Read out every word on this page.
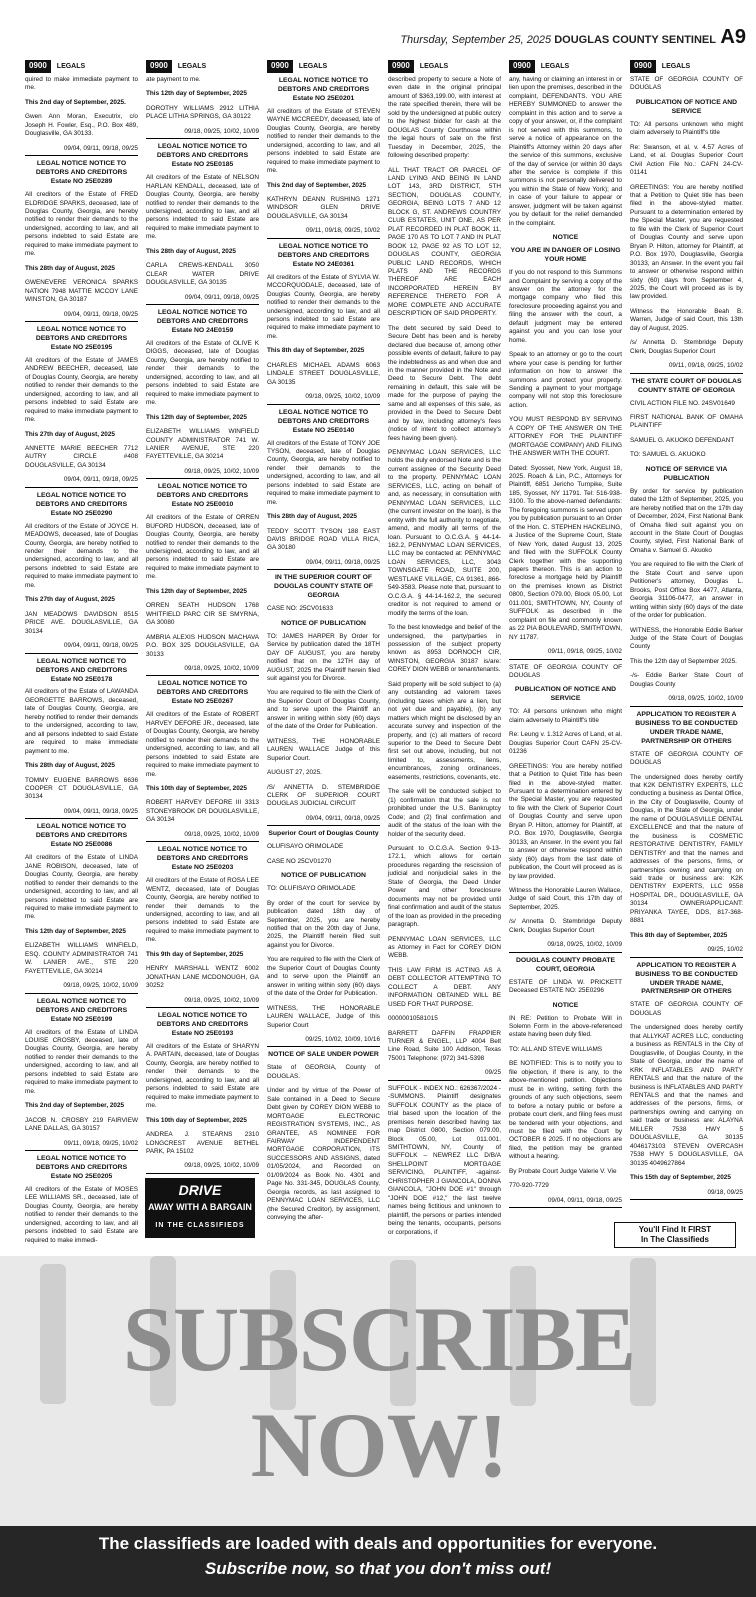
Thursday, September 25, 2025 DOUGLAS COUNTY SENTINEL A9
0900	LEGALS

quired to make immediate payment to me.

This 2nd day of September, 2025.

Gwen Ann Moran, Executrix, c/o Joseph H. Fowler, Esq., P.O. Box 489, Douglasville, GA 30133.

09/04, 09/11, 09/18, 09/25
LEGAL NOTICE NOTICE TO DEBTORS AND CREDITORS Estate NO 25E0289

All creditors of the Estate of FRED ELDRIDGE SPARKS, deceased, late of Douglas County, Georgia, are hereby notified to render their demands to the undersigned, according to law, and all persons indebted to said Estate are required to make immediate payment to me.

This 28th day of August, 2025

GWENEVERE VERONICA SPARKS NATION 7948 MATTIE MCCOY LANE WINSTON, GA 30187

09/04, 09/11, 09/18, 09/25
LEGAL NOTICE NOTICE TO DEBTORS AND CREDITORS Estate NO 25E0195

All creditors of the Estate of JAMES ANDREW BEECHER, deceased, late of Douglas County, Georgia, are hereby notified to render their demands to the undersigned, according to law, and all persons indebted to said Estate are required to make immediate payment to me.

This 27th day of August, 2025

ANNETTE MARIE BEECHER 7712 AUTRY CIRCLE #408 DOUGLASVILLE, GA 30134

09/04, 09/11, 09/18, 09/25
LEGAL NOTICE NOTICE TO DEBTORS AND CREDITORS Estate NO 25E0290

All creditors of the Estate of JOYCE H. MEADOWS, deceased, late of Douglas County, Georgia, are hereby notified to render their demands to the undersigned, according to law, and all persons indebted to said Estate are required to make immediate payment to me.

This 27th day of August, 2025

JAN MEADOWS DAVIDSON 8515 PRICE AVE. DOUGLASVILLE, GA 30134

09/04, 09/11, 09/18, 09/25
LEGAL NOTICE NOTICE TO DEBTORS AND CREDITORS Estate NO 25E0178

All creditors of the Estate of LAWANDA GEORGETTE BARROWS, deceased, late of Douglas County, Georgia, are hereby notified to render their demands to the undersigned, according to law, and all persons indebted to said Estate are required to make immediate payment to me.

This 28th day of August, 2025

TOMMY EUGENE BARROWS 6636 COOPER CT DOUGLASVILLE, GA 30134

09/04, 09/11, 09/18, 09/25
LEGAL NOTICE NOTICE TO DEBTORS AND CREDITORS Estate NO 25E0086

All creditors of the Estate of LINDA JANE ROBISON, deceased, late of Douglas County, Georgia, are hereby notified to render their demands to the undersigned, according to law, and all persons indebted to said Estate are required to make immediate payment to me.

This 12th day of September, 2025

ELIZABETH WILLIAMS WINFIELD, ESQ. COUNTY ADMINISTRATOR 741 W. LANIER AVE., STE 220 FAYETTEVILLE, GA 30214

09/18, 09/25, 10/02, 10/09
LEGAL NOTICE NOTICE TO DEBTORS AND CREDITORS Estate NO 25E0199

All creditors of the Estate of LINDA LOUISE CROSBY, deceased, late of Douglas County, Georgia, are hereby notified to render their demands to the undersigned, according to law, and all persons indebted to said Estate are required to make immediate payment to me.

This 2nd day of September, 2025

JACOB N. CROSBY 219 FAIRVIEW LANE DALLAS, GA 30157

09/11, 09/18, 09/25, 10/02
LEGAL NOTICE NOTICE TO DEBTORS AND CREDITORS Estate NO 25E0205

All creditors of the Estate of MOSES LEE WILLIAMS SR., deceased, late of Douglas County, Georgia, are hereby notified to render their demands to the undersigned, according to law, and all persons indebted to said Estate are required to make immedi-

0900	LEGALS

ate payment to me.

This 12th day of September, 2025

DOROTHY WILLIAMS 2912 LITHIA PLACE LITHIA SPRINGS, GA 30122

09/18, 09/25, 10/02, 10/09
LEGAL NOTICE NOTICE TO DEBTORS AND CREDITORS Estate NO 25E0185

All creditors of the Estate of NELSON HARLAN KENDALL, deceased, late of Douglas County, Georgia, are hereby notified to render their demands to the undersigned, according to law, and all persons indebted to said Estate are required to make immediate payment to me.

This 28th day of August, 2025

CARLA CREWS-KENDALL 3050 CLEAR WATER DRIVE DOUGLASVILLE, GA 30135

09/04, 09/11, 09/18, 09/25
LEGAL NOTICE NOTICE TO DEBTORS AND CREDITORS Estate NO 24E0159

All creditors of the Estate of OLIVE K DIGGS, deceased, late of Douglas County, Georgia, are hereby notified to render their demands to the undersigned, according to law, and all persons indebted to said Estate are required to make immediate payment to me.

This 12th day of September, 2025

ELIZABETH WILLIAMS WINFIELD COUNTY ADMINISTRATOR 741 W. LANIER AVENUE, STE 220 FAYETTEVILLE, GA 30214

09/18, 09/25, 10/02, 10/09
LEGAL NOTICE NOTICE TO DEBTORS AND CREDITORS Estate NO 25E0010

All creditors of the Estate of ORREN BUFORD HUDSON, deceased, late of Douglas County, Georgia, are hereby notified to render their demands to the undersigned, according to law, and all persons indebted to said Estate are required to make immediate payment to me.

This 12th day of September, 2025

ORREN SEATH HUDSON 1768 WHITFIELD PARC CIR SE SMYRNA, GA 30080

AMBRIA ALEXIS HUDSON MACHAVA P.O. BOX 325 DOUGLASVILLE, GA 30133

09/18, 09/25, 10/02, 10/09
LEGAL NOTICE NOTICE TO DEBTORS AND CREDITORS Estate NO 25E0267

All creditors of the Estate of ROBERT HARVEY DEFORE JR., deceased, late of Douglas County, Georgia, are hereby notified to render their demands to the undersigned, according to law, and all persons indebted to said Estate are required to make immediate payment to me.

This 10th day of September, 2025

ROBERT HARVEY DEFORE III 3313 STONEYBROOK DR DOUGLASVILLE, GA 30134

09/18, 09/25, 10/02, 10/09
LEGAL NOTICE NOTICE TO DEBTORS AND CREDITORS Estate NO 25E0203

All creditors of the Estate of ROSA LEE WENTZ, deceased, late of Douglas County, Georgia, are hereby notified to render their demands to the undersigned, according to law, and all persons indebted to said Estate are required to make immediate payment to me.

This 9th day of September, 2025

HENRY MARSHALL WENTZ 6002 JONATHAN LANE MCDONOUGH, GA 30252

09/18, 09/25, 10/02, 10/09
LEGAL NOTICE NOTICE TO DEBTORS AND CREDITORS Estate NO 25E0193

All creditors of the Estate of SHARYN A. PARTAIN, deceased, late of Douglas County, Georgia, are hereby notified to render their demands to the undersigned, according to law, and all persons indebted to said Estate are required to make immediate payment to me.

This 10th day of September, 2025

ANDREA J. STEARNS 2310 LONGCREST AVENUE BETHEL PARK, PA 15102

09/18, 09/25, 10/02, 10/09
0900	LEGALS
LEGAL NOTICE NOTICE TO DEBTORS AND CREDITORS Estate NO 25E0201

All creditors of the Estate of STEVEN WAYNE MCCREEDY, deceased, late of Douglas County, Georgia, are hereby notified to render their demands to the undersigned, according to law, and all persons indebted to said Estate are required to make immediate payment to me.

This 2nd day of September, 2025

KATHRYN DEANN RUSHING 1271 WINDSOR GLEN DRIVE DOUGLASVILLE, GA 30134

09/11, 09/18, 09/25, 10/02
LEGAL NOTICE NOTICE TO DEBTORS AND CREDITORS Estate NO 24E0361

All creditors of the Estate of SYLVIA W. MCCORQUODALE, deceased, late of Douglas County, Georgia, are hereby notified to render their demands to the undersigned, according to law, and all persons indebted to said Estate are required to make immediate payment to me.

This 8th day of September, 2025

CHARLES MICHAEL ADAMS 6063 LINDALE STREET DOUGLASVILLE, GA 30135

09/18, 09/25, 10/02, 10/09
LEGAL NOTICE NOTICE TO DEBTORS AND CREDITORS Estate NO 25E0140

All creditors of the Estate of TONY JOE TYSON, deceased, late of Douglas County, Georgia, are hereby notified to render their demands to the undersigned, according to law, and all persons indebted to said Estate are required to make immediate payment to me.

This 28th day of August, 2025

TEDDY SCOTT TYSON 188 EAST DAVIS BRIDGE ROAD VILLA RICA, GA 30180

09/04, 09/11, 09/18, 09/25
IN THE SUPERIOR COURT OF DOUGLAS COUNTY STATE OF GEORGIA

CASE NO: 25CV01633

NOTICE OF PUBLICATION

TO: JAMES HARPER By Order for Service by publication dated the 18TH DAY OF AUGUST, you are hereby notified that on the 12TH day of AUGUST, 2025 the Plaintiff herein filed suit against you for Divorce.

You are required to file with the Clerk of the Superior Court of Douglas County, and to serve upon the Plaintiff an answer in writing within sixty (60) days of the date of the Order for Publication.

WITNESS, THE HONORABLE LAUREN WALLACE Judge of this Superior Court.

AUGUST 27, 2025.

/S/ ANNETTA D. STEMBRIDGE CLERK OF SUPERIOR COURT DOUGLAS JUDICIAL CIRCUIT

09/04, 09/11, 09/18, 09/25
Superior Court of Douglas County

OLUFISAYO ORIMOLADE

CASE NO 25CV01270

NOTICE OF PUBLICATION

TO: OLUFISAYO ORIMOLADE

By order of the court for service by publication dated 18th day of September, 2025, you are hereby notified that on the 20th day of June, 2025, the Plaintiff herein filed suit against you for Divorce.

You are required to file with the Clerk of the Superior Court of Douglas County and to serve upon the Plaintiff an answer in writing within sixty (60) days of the date of the Order for Publication.

WITNESS, THE HONORABLE LAUREN WALLACE, Judge of this Superior Court

09/25, 10/02, 10/09, 10/16
NOTICE OF SALE UNDER POWER

State of GEORGIA, County of DOUGLAS.

Under and by virtue of the Power of Sale contained in a Deed to Secure Debt given by COREY DION WEBB to MORTGAGE ELECTRONIC REGISTRATION SYSTEMS, INC., AS GRANTEE, AS NOMINEE FOR FAIRWAY INDEPENDENT MORTGAGE CORPORATION, ITS SUCCESSORS AND ASSIGNS, dated 01/05/2024, and Recorded on 01/09/2024 as Book No. 4301 and Page No. 331-345, DOUGLAS County, Georgia records, as last assigned to PENNYMAC LOAN SERVICES, LLC (the Secured Creditor), by assignment, conveying the after-

0900	LEGALS

described property to secure a Note of even date in the original principal amount of $363,199.00, with interest at the rate specified therein, there will be sold by the undersigned at public outcry to the highest bidder for cash at the DOUGLAS County Courthouse within the legal hours of sale on the first Tuesday in December, 2025, the following described property:

ALL THAT TRACT OR PARCEL OF LAND LYING AND BEING IN LAND LOT 143, 3RD DISTRICT, 5TH SECTION, DOUGLAS COUNTY, GEORGIA, BEING LOTS 7 AND 12 BLOCK G, ST. ANDREWS COUNTRY CLUB ESTATES, UNIT ONE, AS PER PLAT RECORDED IN PLAT BOOK 11, PAGE 170 AS TO LOT 7 AND IN PLAT BOOK 12, PAGE 92 AS TO LOT 12, DOUGLAS COUNTY, GEORGIA PUBLIC LAND RECORDS, WHICH PLATS AND THE RECORDS THEREOF ARE EACH INCORPORATED HEREIN BY REFERENCE THERETO FOR A MORE COMPLETE AND ACCURATE DESCRIPTION OF SAID PROPERTY.

The debt secured by said Deed to Secure Debt has been and is hereby declared due because of, among other possible events of default, failure to pay the indebtedness as and when due and in the manner provided in the Note and Deed to Secure Debt. The debt remaining in default, this sale will be made for the purpose of paying the same and all expenses of this sale, as provided in the Deed to Secure Debt and by law, including attorney's fees (notice of intent to collect attorney's fees having been given).

PENNYMAC LOAN SERVICES, LLC holds the duly endorsed Note and is the current assignee of the Security Deed to the property. PENNYMAC LOAN SERVICES, LLC, acting on behalf of and, as necessary, in consultation with PENNYMAC LOAN SERVICES, LLC (the current investor on the loan), is the entity with the full authority to negotiate, amend, and modify all terms of the loan. Pursuant to O.C.G.A. § 44-14-162.2, PENNYMAC LOAN SERVICES, LLC may be contacted at: PENNYMAC LOAN SERVICES, LLC, 3043 TOWNSGATE ROAD, SUITE 200, WESTLAKE VILLAGE, CA 91361, 866-549-3583. Please note that, pursuant to O.C.G.A. § 44-14-162.2, the secured creditor is not required to amend or modify the terms of the loan.

To the best knowledge and belief of the undersigned, the party/parties in possession of the subject property known as 8953 DORNOCH CIR, WINSTON, GEORGIA 30187 is/are: COREY DION WEBB or tenant/tenants.

Said property will be sold subject to (a) any outstanding ad valorem taxes (including taxes which are a lien, but not yet due and payable), (b) any matters which might be disclosed by an accurate survey and inspection of the property, and (c) all matters of record superior to the Deed to Secure Debt first set out above, including, but not limited to, assessments, liens, encumbrances, zoning ordinances, easements, restrictions, covenants, etc.

The sale will be conducted subject to (1) confirmation that the sale is not prohibited under the U.S. Bankruptcy Code; and (2) final confirmation and audit of the status of the loan with the holder of the security deed.

Pursuant to O.C.G.A. Section 9-13-172.1, which allows for certain procedures regarding the rescission of judicial and nonjudicial sales in the State of Georgia, the Deed Under Power and other foreclosure documents may not be provided until final confirmation and audit of the status of the loan as provided in the preceding paragraph.

PENNYMAC LOAN SERVICES, LLC as Attorney in Fact for COREY DION WEBB.

THIS LAW FIRM IS ACTING AS A DEBT COLLECTOR ATTEMPTING TO COLLECT A DEBT. ANY INFORMATION OBTAINED WILL BE USED FOR THAT PURPOSE.

00000010581015

BARRETT DAFFIN FRAPPIER TURNER & ENGEL, LLP 4004 Belt Line Road, Suite 100 Addison, Texas 75001 Telephone: (972) 341-5398

09/25

SUFFOLK - INDEX NO.: 626367/2024 --SUMMONS. Plaintiff designates SUFFOLK COUNTY as the place of trial based upon the location of the premises herein described having tax map District 0800, Section 079.00, Block 05.00, Lot 011.001. SMITHTOWN, NY, County of SUFFOLK – NEWREZ LLC D/B/A SHELLPOINT MORTGAGE SERVICING, PLAINTIFF, -against- CHRISTOPHER J GIANCOLA, DONNA GIANCOLA, "JOHN DOE #1" through "JOHN DOE #12," the last twelve names being fictitious and unknown to plaintiff, the persons or parties intended being the tenants, occupants, persons or corporations, if

0900	LEGALS

any, having or claiming an interest in or lien upon the premises, described in the complaint, DEFENDANTS. YOU ARE HEREBY SUMMONED to answer the complaint in this action and to serve a copy of your answer, or, if the complaint is not served with this summons, to serve a notice of appearance on the Plaintiff's Attorney within 20 days after the service of this summons, exclusive of the day of service (or within 30 days after the service is complete if this summons is not personally delivered to you within the State of New York); and in case of your failure to appear or answer, judgment will be taken against you by default for the relief demanded in the complaint.

NOTICE
YOU ARE IN DANGER OF LOSING YOUR HOME

If you do not respond to this Summons and Complaint by serving a copy of the answer on the attorney for the mortgage company who filed this foreclosure proceeding against you and filing the answer with the court, a default judgment may be entered against you and you can lose your home.

Speak to an attorney or go to the court where your case is pending for further information on how to answer the summons and protect your property. Sending a payment to your mortgage company will not stop this foreclosure action.

YOU MUST RESPOND BY SERVING A COPY OF THE ANSWER ON THE ATTORNEY FOR THE PLAINTIFF (MORTGAGE COMPANY) AND FILING THE ANSWER WITH THE COURT.

Dated: Syosset, New York, August 18, 2025. Roach & Lin, P.C., Attorneys for Plaintiff, 6851 Jericho Turnpike, Suite 185, Syosset, NY 11791. Tel: 516-938-3100. To the above-named defendants: The foregoing summons is served upon you by publication pursuant to an Order of the Hon. C. STEPHEN HACKELING, a Justice of the Supreme Court, State of New York, dated August 13, 2025 and filed with the SUFFOLK County Clerk together with the supporting papers thereon. This is an action to foreclose a mortgage held by Plaintiff on the premises known as District 0800, Section 079.00, Block 05.00, Lot 011.001, SMITHTOWN, NY, County of SUFFOLK as described in the complaint on file and commonly known as 22 PIA BOULEVARD, SMITHTOWN, NY 11787.

09/11, 09/18, 09/25, 10/02

STATE OF GEORGIA COUNTY OF DOUGLAS

PUBLICATION OF NOTICE AND SERVICE

TO: All persons unknown who might claim adversely to Plaintiff's title

Re: Leung v. 1.312 Acres of Land, et al. Douglas Superior Court CAFN 25-CV-01236

GREETINGS: You are hereby notified that a Petition to Quiet Title has been filed in the above-styled matter. Pursuant to a determination entered by the Special Master, you are requested to file with the Clerk of Superior Court of Douglas County and serve upon Bryan P. Hilton, attorney for Plaintiff, at P.O. Box 1970, Douglasville, Georgia 30133, an Answer. In the event you fail to answer or otherwise respond within sixty (60) days from the last date of publication, the Court will proceed as is by law provided.

Witness the Honorable Lauren Wallace, Judge of said Court, this 17th day of September, 2025.

/s/ Annetta D. Stembridge Deputy Clerk, Douglas Superior Court

09/18, 09/25, 10/02, 10/09
DOUGLAS COUNTY PROBATE COURT, GEORGIA

ESTATE OF LINDA W. PRICKETT Deceased ESTATE NO: 25E0296

NOTICE

IN RE: Petition to Probate Will in Solemn Form in the above-referenced estate having been duly filed.

TO: ALL AND STEVE WILLIAMS

BE NOTIFIED: This is to notify you to file objection, if there is any, to the above-mentioned petition. Objections must be in writing, setting forth the grounds of any such objections, seem to before a notary public or before a probate court clerk, and filing fees must be tendered with your objections, and must be filed with the Court by OCTOBER 6 2025. If no objections are filed, the petition may be granted without a hearing.

By Probate Court Judge Valerie V. Vie

770-920-7729

09/04, 09/11, 09/18, 09/25
0900	LEGALS

STATE OF GEORGIA COUNTY OF DOUGLAS

PUBLICATION OF NOTICE AND SERVICE

TO: All persons unknown who might claim adversely to Plaintiff's title

Re: Swanson, et al. v. 4.57 Acres of Land, et al. Douglas Superior Court Civil Action File No.: CAFN 24-CV-01141

GREETINGS: You are hereby notified that a Petition to Quiet title has been filed in the above-styled matter. Pursuant to a determination entered by the Special Master, you are requested to file with the Clerk of Superior Court of Douglas County and serve upon Bryan P. Hilton, attorney for Plaintiff, at P.O. Box 1970, Douglasville, Georgia 30133, an Answer. In the event you fail to answer or otherwise respond within sixty (60) days from September 4, 2025, the Court will proceed as is by law provided.

Witness the Honorable Beah B. Warren, Judge of said Court, this 13th day of August, 2025.

/s/ Annetta D. Stembridge Deputy Clerk, Douglas Superior Court

09/11, 09/18, 09/25, 10/02
THE STATE COURT OF DOUGLAS COUNTY STATE OF GEORGIA

CIVIL ACTION FILE NO. 24SV01649

FIRST NATIONAL BANK OF OMAHA PLAINTIFF

SAMUEL G. AKUOKO DEFENDANT

TO: SAMUEL G. AKUOKO

NOTICE OF SERVICE VIA PUBLICATION

By order for service by publication dated the 12th of September, 2025, you are hereby notified that on the 17th day of December, 2024, First National Bank of Omaha filed suit against you on account in the State Court of Douglas County, styled, First National Bank of Omaha v. Samuel G. Akuoko

You are required to file with the Clerk of the State Court and serve upon Petitioner's attorney, Douglas L. Brooks, Post Office Box 4477, Atlanta, Georgia 31106-0477, an answer in writing within sixty (60) days of the date of the order for publication.

WITNESS, the Honorable Eddie Barker Judge of the State Court of Douglas County

This the 12th day of September 2025.

-/s- Eddie Barker State Court of Douglas County

09/18, 09/25, 10/02, 10/09
APPLICATION TO REGISTER A BUSINESS TO BE CONDUCTED UNDER TRADE NAME, PARTNERSHIP OR OTHERS

STATE OF GEORGIA COUNTY OF DOUGLAS

The undersigned does hereby certify that K2K DENTISTRY EXPERTS, LLC conducting a business as Dental Office, in the City of Douglasville, County of Douglas, in the State of Georgia, under the name of DOUGLASVILLE DENTAL EXCELLENCE and that the nature of the business is COSMETIC RESTORATIVE DENTISTRY, FAMILY DENTISTRY and that the names and addresses of the persons, firms, or partnerships owning and carrying on said trade or business are: K2K DENTISTRY EXPERTS, LLC 9558 HOSPITAL DR., DOUGLASVILLE, GA 30134 OWNER/APPLICANT: PRIYANKA TAYEE, DDS, 817-368-8881

This 8th day of September, 2025

09/25, 10/02
APPLICATION TO REGISTER A BUSINESS TO BE CONDUCTED UNDER TRADE NAME, PARTNERSHIP OR OTHERS

STATE OF GEORGIA COUNTY OF DOUGLAS

The undersigned does hereby certify that ALLYKAT ACRES LLC, conducting a business as RENTALS in the City of Douglasville, of Douglas County, in the State of Georgia, under the name of KRK INFLATABLES AND PARTY RENTALS and that the nature of the business is INFLATABLES AND PARTY RENTALS and that the names and addresses of the persons, firms, or partnerships owning and carrying on said trade or business are: ALAYNA MILLER 7538 HWY 5 DOUGLASVILLE, GA 30135 4046173103 STEVEN OVERCASH 7538 HWY 5 DOUGLASVILLE, GA 30135 4049627864

This 15th day of September, 2025

09/18, 09/25
DRIVE
AWAY WITH A BARGAIN
IN THE CLASSIFIEDS	You'll Find It FIRST
In The Classifieds
SUBSCRIBE NOW!
The classifieds are loaded with deals and opportunities for everyone.
Subscribe now, so that you don't miss out!
